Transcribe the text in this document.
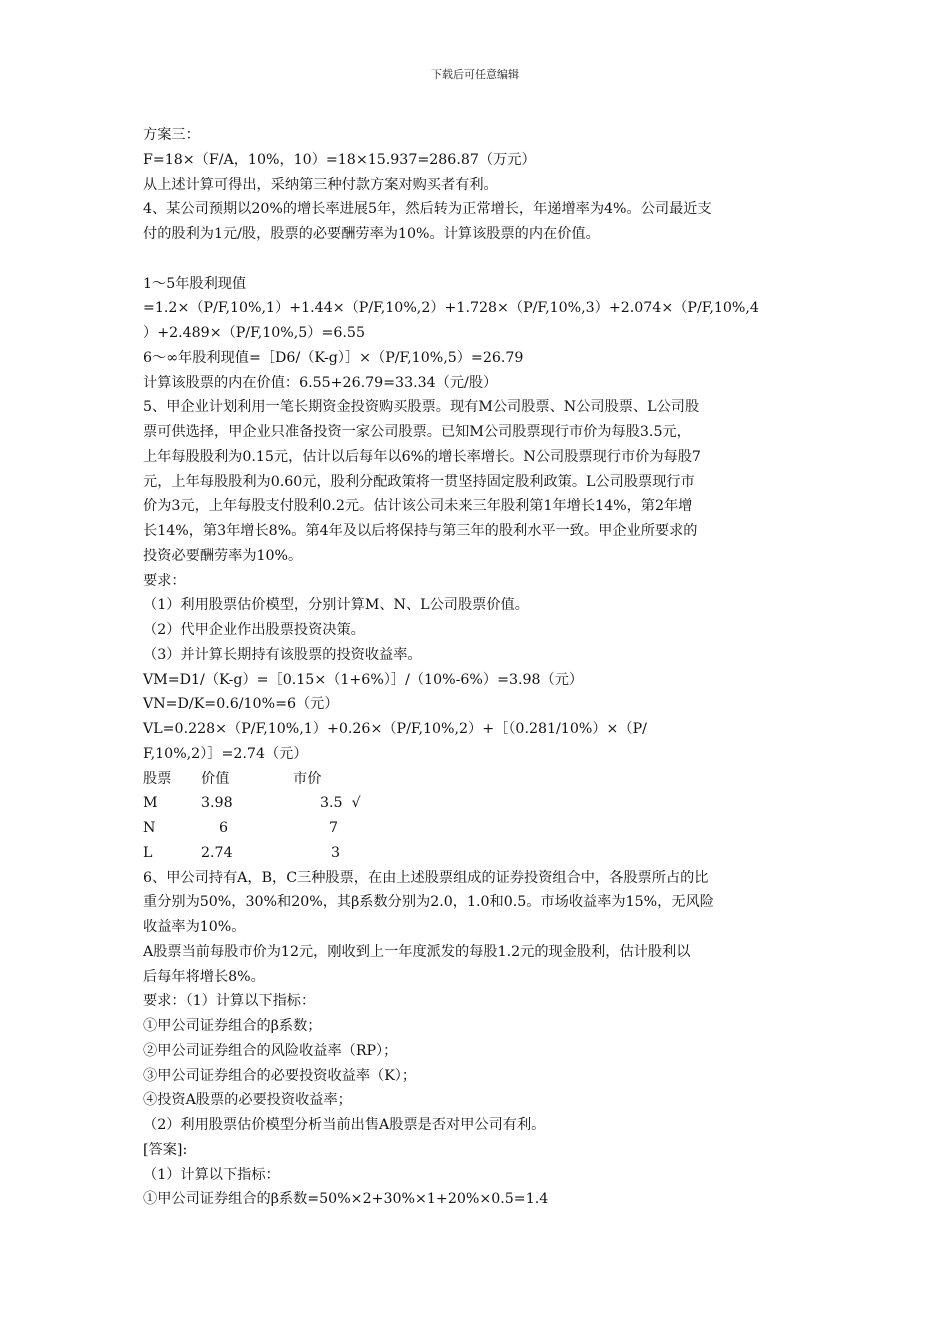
下载后可任意编辑
方案三：
F=18×（F/A，10%，10）=18×15.937=286.87（万元）
从上述计算可得出，采纳第三种付款方案对购买者有利。
4、某公司预期以20%的增长率进展5年，然后转为正常增长，年递增率为4%。公司最近支
付的股利为1元/股，股票的必要酬劳率为10%。计算该股票的内在价值。
1～5年股利现值
=1.2×（P/F,10%,1）+1.44×（P/F,10%,2）+1.728×（P/F,10%,3）+2.074×（P/F,10%,4
）+2.489×（P/F,10%,5）=6.55
6～∞年股利现值=［D6/（K-g）］×（P/F,10%,5）=26.79
计算该股票的内在价值：6.55+26.79=33.34（元/股）
5、甲企业计划利用一笔长期资金投资购买股票。现有M公司股票、N公司股票、L公司股
票可供选择，甲企业只准备投资一家公司股票。已知M公司股票现行市价为每股3.5元，
上年每股股利为0.15元，估计以后每年以6%的增长率增长。N公司股票现行市价为每股7
元，上年每股股利为0.60元，股利分配政策将一贯坚持固定股利政策。L公司股票现行市
价为3元，上年每股支付股利0.2元。估计该公司未来三年股利第1年增长14%，第2年增
长14%，第3年增长8%。第4年及以后将保持与第三年的股利水平一致。甲企业所要求的
投资必要酬劳率为10%。
要求：
（1）利用股票估价模型，分别计算M、N、L公司股票价值。
（2）代甲企业作出股票投资决策。
（3）并计算长期持有该股票的投资收益率。
VM=D1/（K-g）=［0.15×（1+6%）］/（10%-6%）=3.98（元）
VN=D/K=0.6/10%=6（元）
VL=0.228×（P/F,10%,1）+0.26×（P/F,10%,2）+［（0.281/10%）×（P/
F,10%,2）］=2.74（元）
股票 价值	市价
M	3.98	3.5  √
N	6	7
L	2.74	3
6、甲公司持有A，B，C三种股票，在由上述股票组成的证券投资组合中，各股票所占的比
重分别为50%，30%和20%，其β系数分别为2.0，1.0和0.5。市场收益率为15%，无风险
收益率为10%。
A股票当前每股市价为12元，刚收到上一年度派发的每股1.2元的现金股利，估计股利以
后每年将增长8%。
要求：（1）计算以下指标：
①甲公司证券组合的β系数；
②甲公司证券组合的风险收益率（RP）；
③甲公司证券组合的必要投资收益率（K）；
④投资A股票的必要投资收益率；
（2）利用股票估价模型分析当前出售A股票是否对甲公司有利。
[答案]:
（1）计算以下指标：
①甲公司证券组合的β系数=50%×2+30%×1+20%×0.5=1.4
